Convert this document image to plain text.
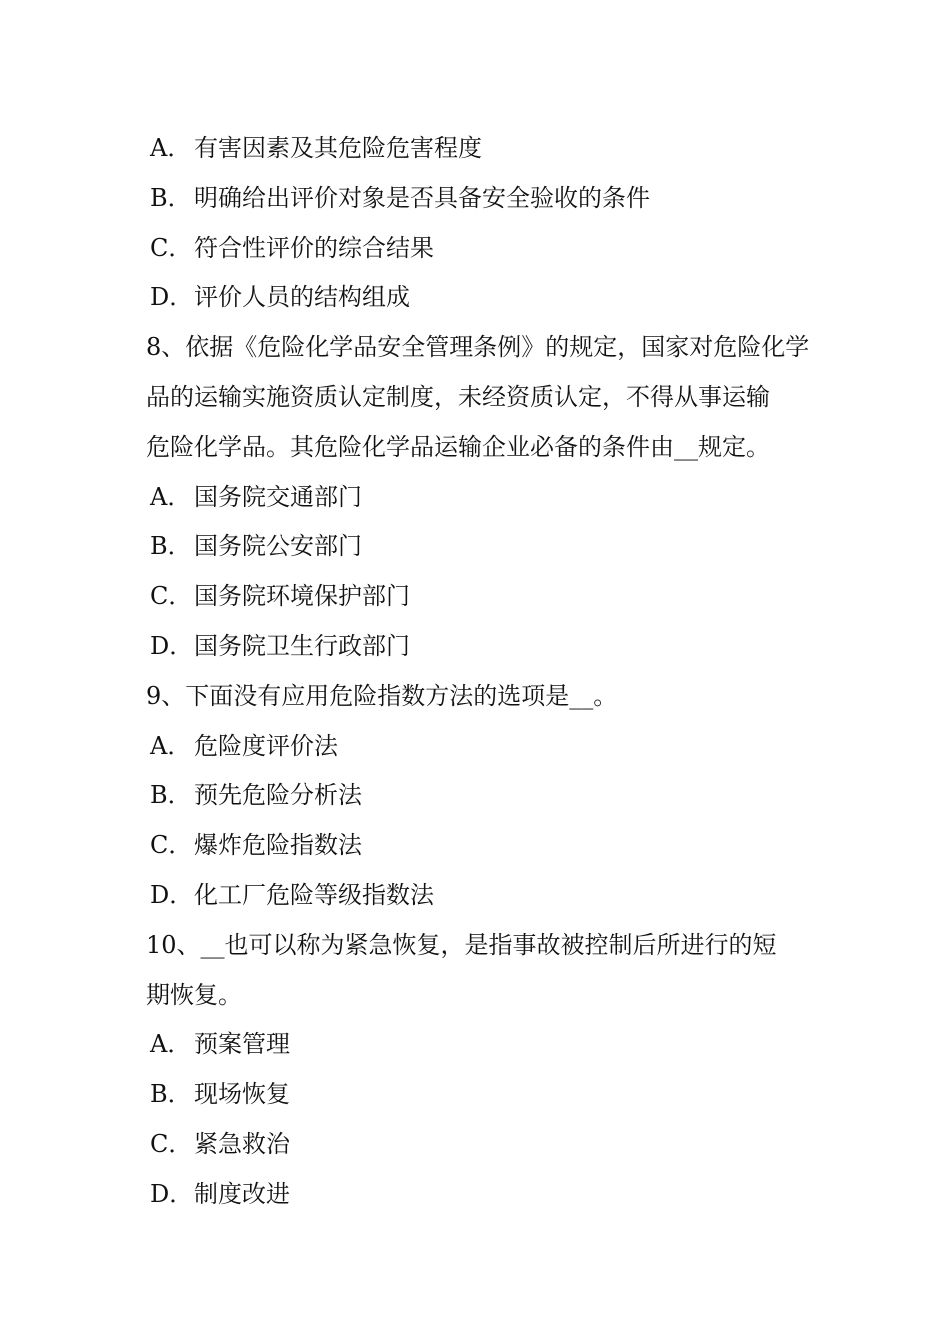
A． 有害因素及其危险危害程度
B．明确给出评价对象是否具备安全验收的条件
C．符合性评价的综合结果
D．评价人员的结构组成
8、依据《危险化学品安全管理条例》的规定，国家对危险化学
品的运输实施资质认定制度，未经资质认定，不得从事运输
危险化学品。其危险化学品运输企业必备的条件由__规定。
A． 国务院交通部门
B．国务院公安部门
C．国务院环境保护部门
D．国务院卫生行政部门
9、下面没有应用危险指数方法的选项是__。
A． 危险度评价法
B．预先危险分析法
C．爆炸危险指数法
D．化工厂危险等级指数法
10、__也可以称为紧急恢复，是指事故被控制后所进行的短
期恢复。
A． 预案管理
B．现场恢复
C．紧急救治
D．制度改进
